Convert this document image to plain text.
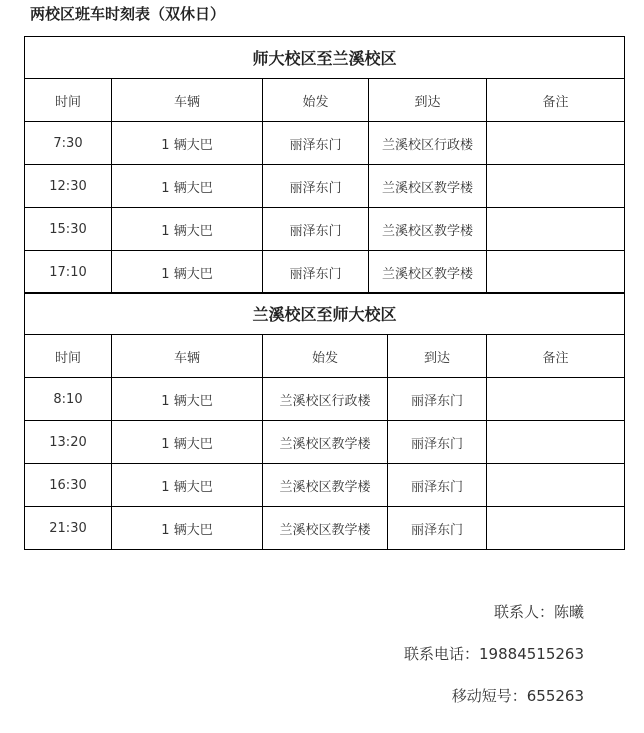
两校区班车时刻表（双休日）
师大校区至兰溪校区				
时间	车辆	始发	到达	备注
7:30	1 辆大巴	丽泽东门	兰溪校区行政楼	
12:30	1 辆大巴	丽泽东门	兰溪校区教学楼	
15:30	1 辆大巴	丽泽东门	兰溪校区教学楼	
17:10	1 辆大巴	丽泽东门	兰溪校区教学楼	
兰溪校区至师大校区				
时间	车辆	始发	到达	备注
8:10	1 辆大巴	兰溪校区行政楼	丽泽东门	
13:20	1 辆大巴	兰溪校区教学楼	丽泽东门	
16:30	1 辆大巴	兰溪校区教学楼	丽泽东门	
21:30	1 辆大巴	兰溪校区教学楼	丽泽东门	
联系人：陈曦
联系电话：19884515263
移动短号：655263
